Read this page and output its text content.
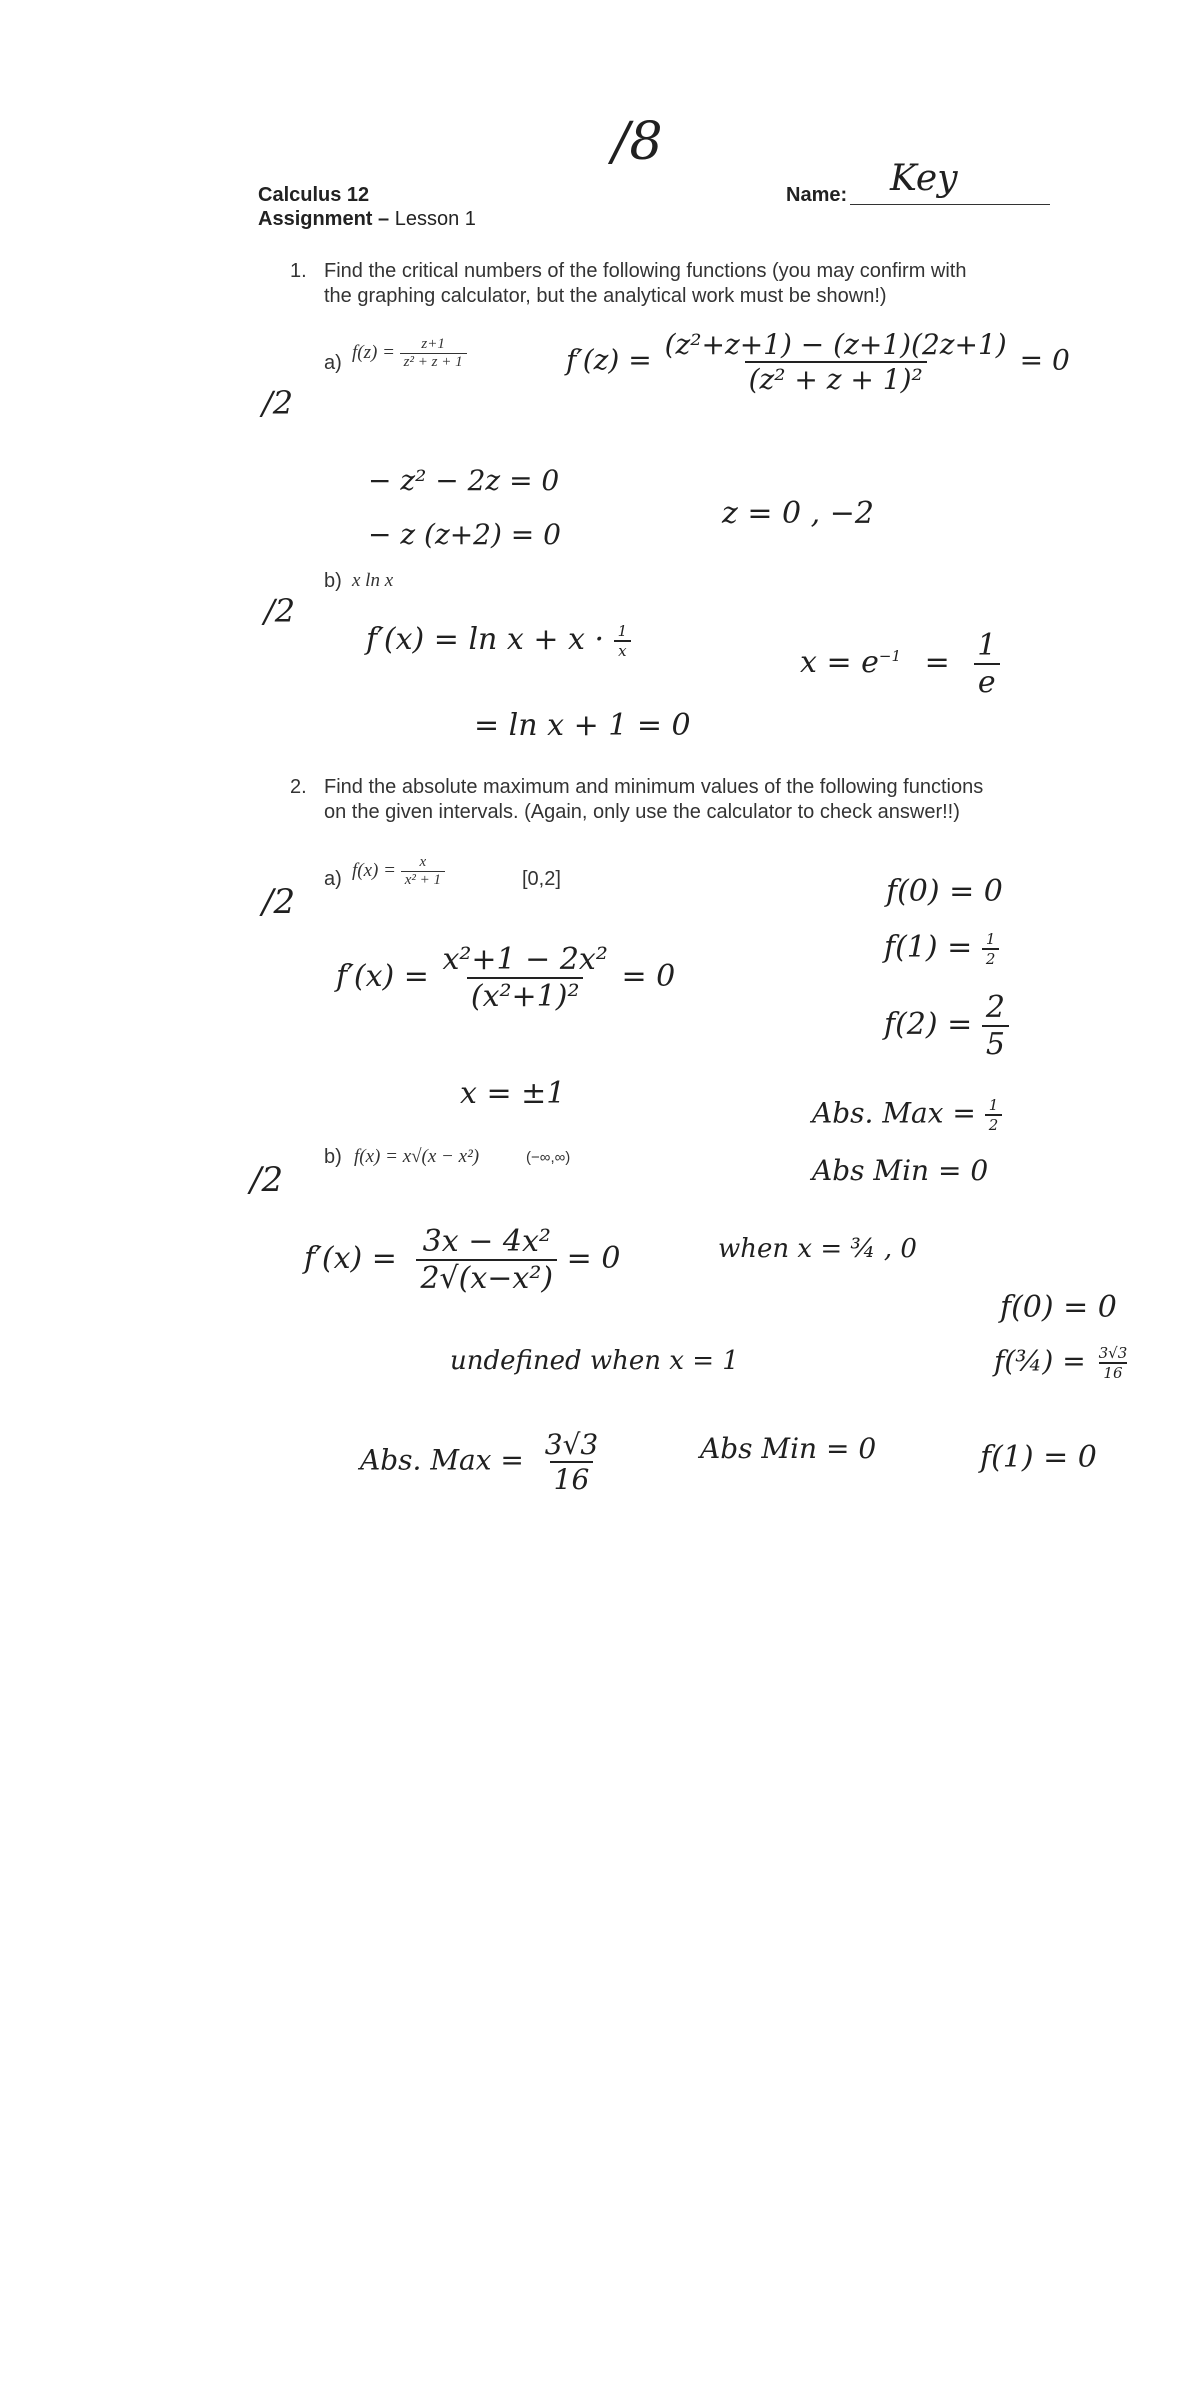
/8
Calculus 12
Assignment – Lesson 1
Name: Key
1. Find the critical numbers of the following functions (you may confirm with
the graphing calculator, but the analytical work must be shown!)
a) $f(z) = \frac{z+1}{\text{z² + z + 1}}$
/2
$f'(z) = \frac{\text{(z²+z+1) − (z+1)(2z+1)}}{\text{(z² + z + 1)²}} = 0$
− z² − 2z = 0
− z (z+2) = 0
z = 0 , −2
b) x ln x
/2
$f'(x) = \ln x + x \cdot \frac{1}{x}$
= ln x + 1 = 0
$x = e^{-1} = \frac{1}{e}$
2. Find the absolute maximum and minimum values of the following functions
on the given intervals. (Again, only use the calculator to check answer!!)
a) $f(x) = \frac{x}{\text{x² + 1}}$	[0,2]
/2
$f'(x) = \frac{\text{x²+1 − 2x²}}{\text{(x²+1)²}} = 0$
x = ±1
f(0) = 0
$f(1) = \frac{1}{2}$
$f(2) = \frac{2}{5}$
Abs. Max = $\frac{1}{2}$
Abs Min = 0
b) f(x) = x√(x − x²)	(−∞,∞)
/2
$f'(x) = \frac{\text{3x − 4x²}}{\text{2√(x−x²)}} = 0$	when x = ¾ , 0
undefined when x = 1
f(0) = 0
f(¾) = $\frac{3√3}{16}$
f(1) = 0
Abs. Max = $\frac{3√3}{16}$	Abs Min = 0
